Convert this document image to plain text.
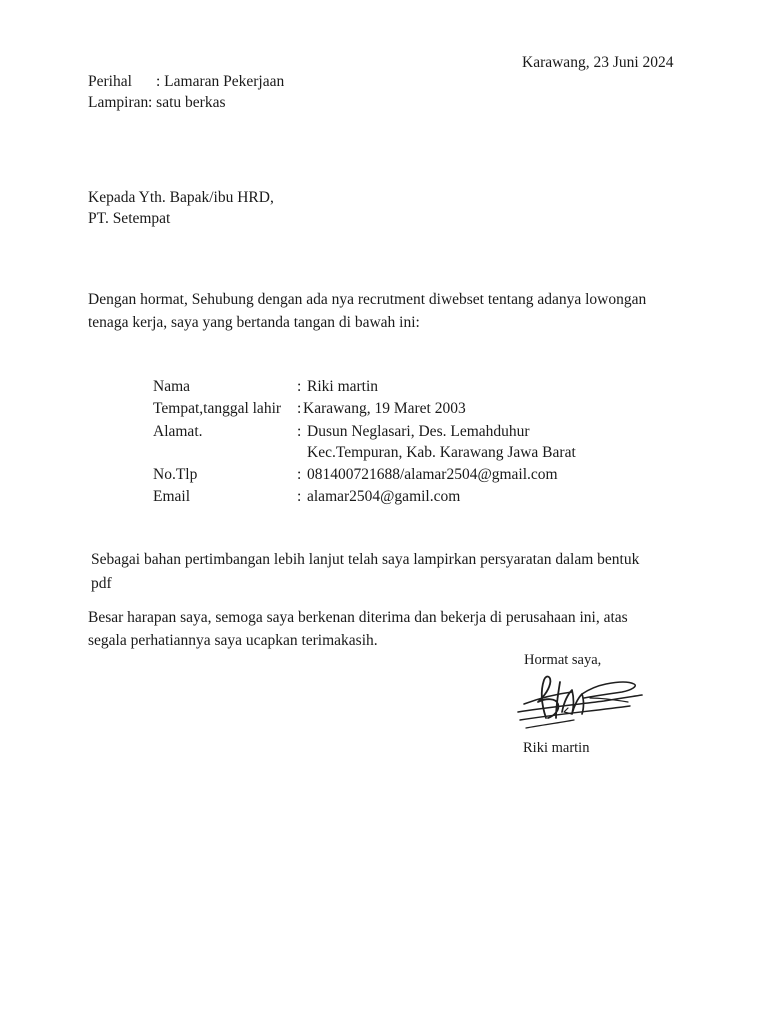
Karawang, 23 Juni 2024
Perihal : Lamaran Pekerjaan
Lampiran : satu berkas
Kepada Yth. Bapak/ibu HRD,
PT. Setempat
Dengan hormat, Sehubung dengan ada nya recrutment diwebset tentang adanya lowongan
tenaga kerja, saya yang bertanda tangan di bawah ini:
Nama	: Riki martin
Tempat,tanggal lahir : Karawang, 19 Maret 2003
Alamat.	: Dusun Neglasari, Des. Lemahduhur
Kec.Tempuran, Kab. Karawang Jawa Barat
No.Tlp	: 081400721688/alamar2504@gmail.com
Email	: alamar2504@gamil.com
Sebagai bahan pertimbangan lebih lanjut telah saya lampirkan persyaratan dalam bentuk
pdf
Besar harapan saya, semoga saya berkenan diterima dan bekerja di perusahaan ini, atas
segala perhatiannya saya ucapkan terimakasih.
Hormat saya,
Riki martin
